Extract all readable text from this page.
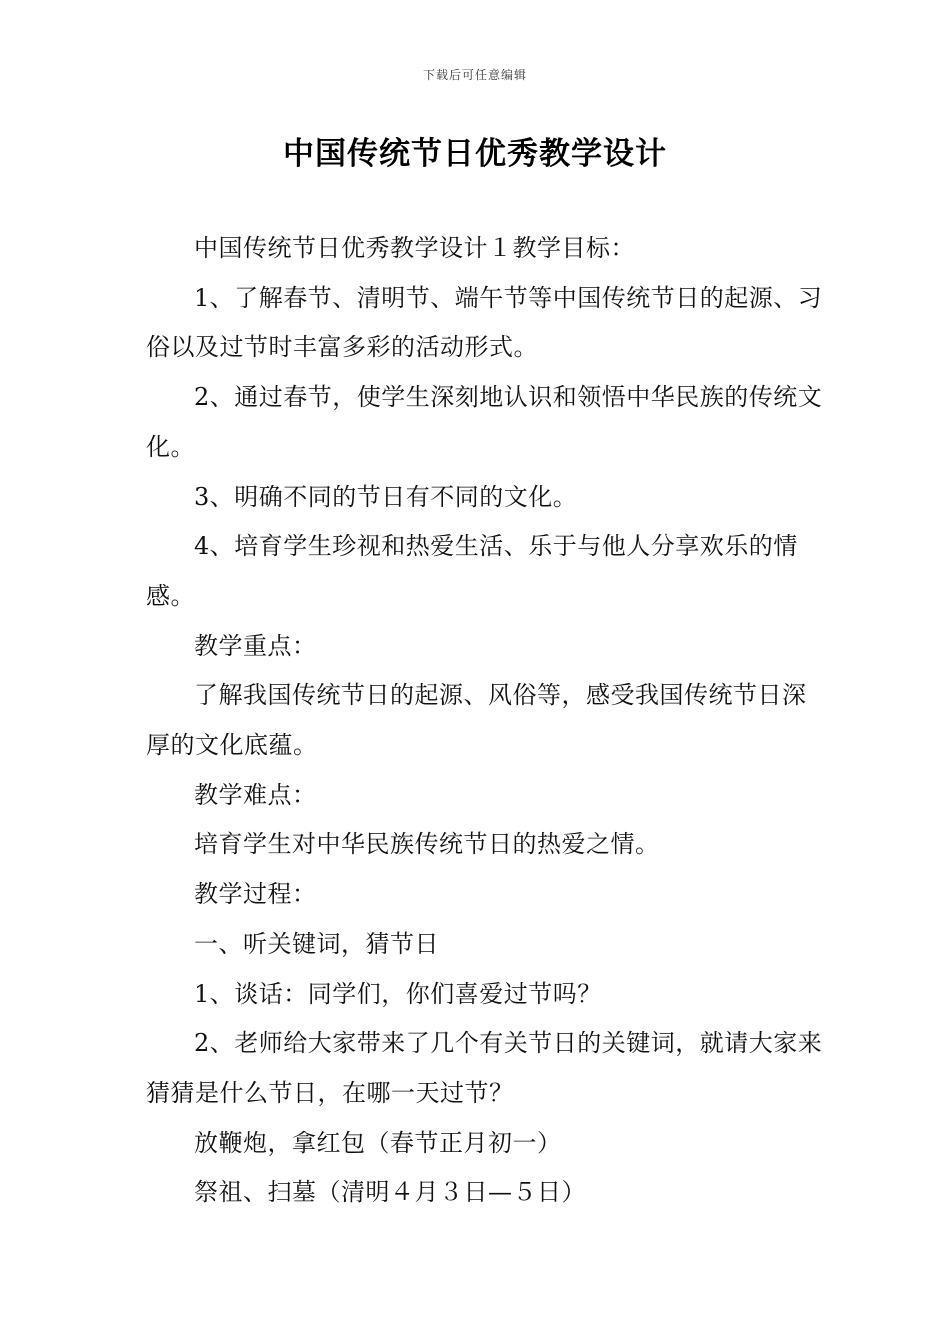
下载后可任意编辑
中国传统节日优秀教学设计

中国传统节日优秀教学设计１教学目标：

1、了解春节、清明节、端午节等中国传统节日的起源、习俗以及过节时丰富多彩的活动形式。

2、通过春节，使学生深刻地认识和领悟中华民族的传统文化。

3、明确不同的节日有不同的文化。

4、培育学生珍视和热爱生活、乐于与他人分享欢乐的情感。

教学重点：

了解我国传统节日的起源、风俗等，感受我国传统节日深厚的文化底蕴。

教学难点：

培育学生对中华民族传统节日的热爱之情。

教学过程：

一、听关键词，猜节日

1、谈话：同学们，你们喜爱过节吗？

2、老师给大家带来了几个有关节日的关键词，就请大家来猜猜是什么节日，在哪一天过节？

放鞭炮，拿红包（春节正月初一）

祭祖、扫墓（清明４月３日—５日）
